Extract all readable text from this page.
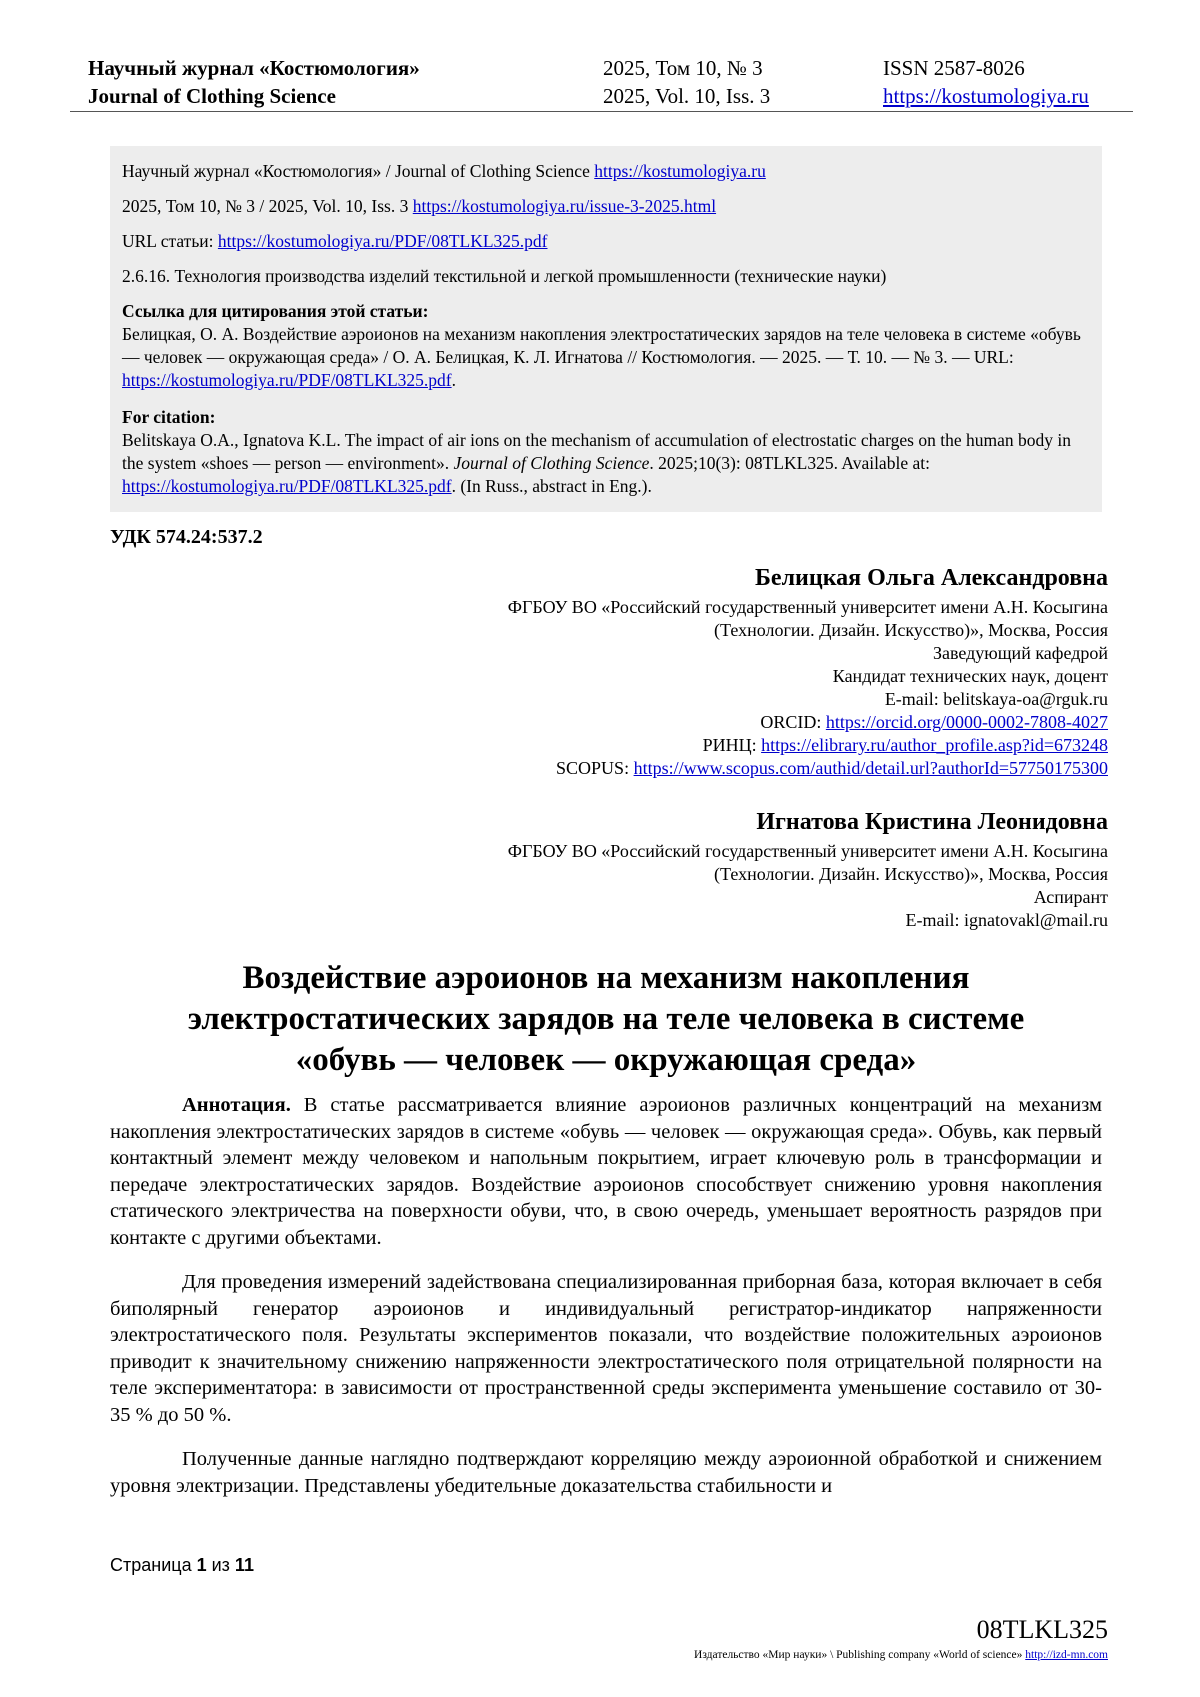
Научный журнал «Костюмология»
Journal of Clothing Science
2025, Том 10, № 3
2025, Vol. 10, Iss. 3
ISSN 2587-8026
https://kostumologiya.ru

Научный журнал «Костюмология» / Journal of Clothing Science https://kostumologiya.ru

2025, Том 10, № 3 / 2025, Vol. 10, Iss. 3 https://kostumologiya.ru/issue-3-2025.html

URL статьи: https://kostumologiya.ru/PDF/08TLKL325.pdf

2.6.16. Технология производства изделий текстильной и легкой промышленности (технические науки)

Ссылка для цитирования этой статьи:
Белицкая, О. А. Воздействие аэроионов на механизм накопления электростатических зарядов на теле человека в системе «обувь — человек — окружающая среда» / О. А. Белицкая, К. Л. Игнатова // Костюмология. — 2025. — Т. 10. — № 3. — URL: https://kostumologiya.ru/PDF/08TLKL325.pdf.
For citation:
Belitskaya O.A., Ignatova K.L. The impact of air ions on the mechanism of accumulation of electrostatic charges on the human body in the system «shoes — person — environment». Journal of Clothing Science. 2025;10(3): 08TLKL325. Available at: https://kostumologiya.ru/PDF/08TLKL325.pdf. (In Russ., abstract in Eng.).
УДК 574.24:537.2
Белицкая Ольга Александровна
ФГБОУ ВО «Российский государственный университет имени А.Н. Косыгина
(Технологии. Дизайн. Искусство)», Москва, Россия
Заведующий кафедрой
Кандидат технических наук, доцент
E-mail: belitskaya-oa@rguk.ru
ORCID: https://orcid.org/0000-0002-7808-4027
РИНЦ: https://elibrary.ru/author_profile.asp?id=673248
SCOPUS: https://www.scopus.com/authid/detail.url?authorId=57750175300
Игнатова Кристина Леонидовна
ФГБОУ ВО «Российский государственный университет имени А.Н. Косыгина
(Технологии. Дизайн. Искусство)», Москва, Россия
Аспирант
E-mail: ignatovakl@mail.ru
Воздействие аэроионов на механизм накопления
электростатических зарядов на теле человека в системе
«обувь — человек — окружающая среда»

Аннотация. В статье рассматривается влияние аэроионов различных концентраций на механизм накопления электростатических зарядов в системе «обувь — человек — окружающая среда». Обувь, как первый контактный элемент между человеком и напольным покрытием, играет ключевую роль в трансформации и передаче электростатических зарядов. Воздействие аэроионов способствует снижению уровня накопления статического электричества на поверхности обуви, что, в свою очередь, уменьшает вероятность разрядов при контакте с другими объектами.

Для проведения измерений задействована специализированная приборная база, которая включает в себя биполярный генератор аэроионов и индивидуальный регистратор-индикатор напряженности электростатического поля. Результаты экспериментов показали, что воздействие положительных аэроионов приводит к значительному снижению напряженности электростатического поля отрицательной полярности на теле экспериментатора: в зависимости от пространственной среды эксперимента уменьшение составило от 30-35 % до 50 %.

Полученные данные наглядно подтверждают корреляцию между аэроионной обработкой и снижением уровня электризации. Представлены убедительные доказательства стабильности и

Страница 1 из 11
08TLKL325
Издательство «Мир науки» \ Publishing company «World of science» http://izd-mn.com
